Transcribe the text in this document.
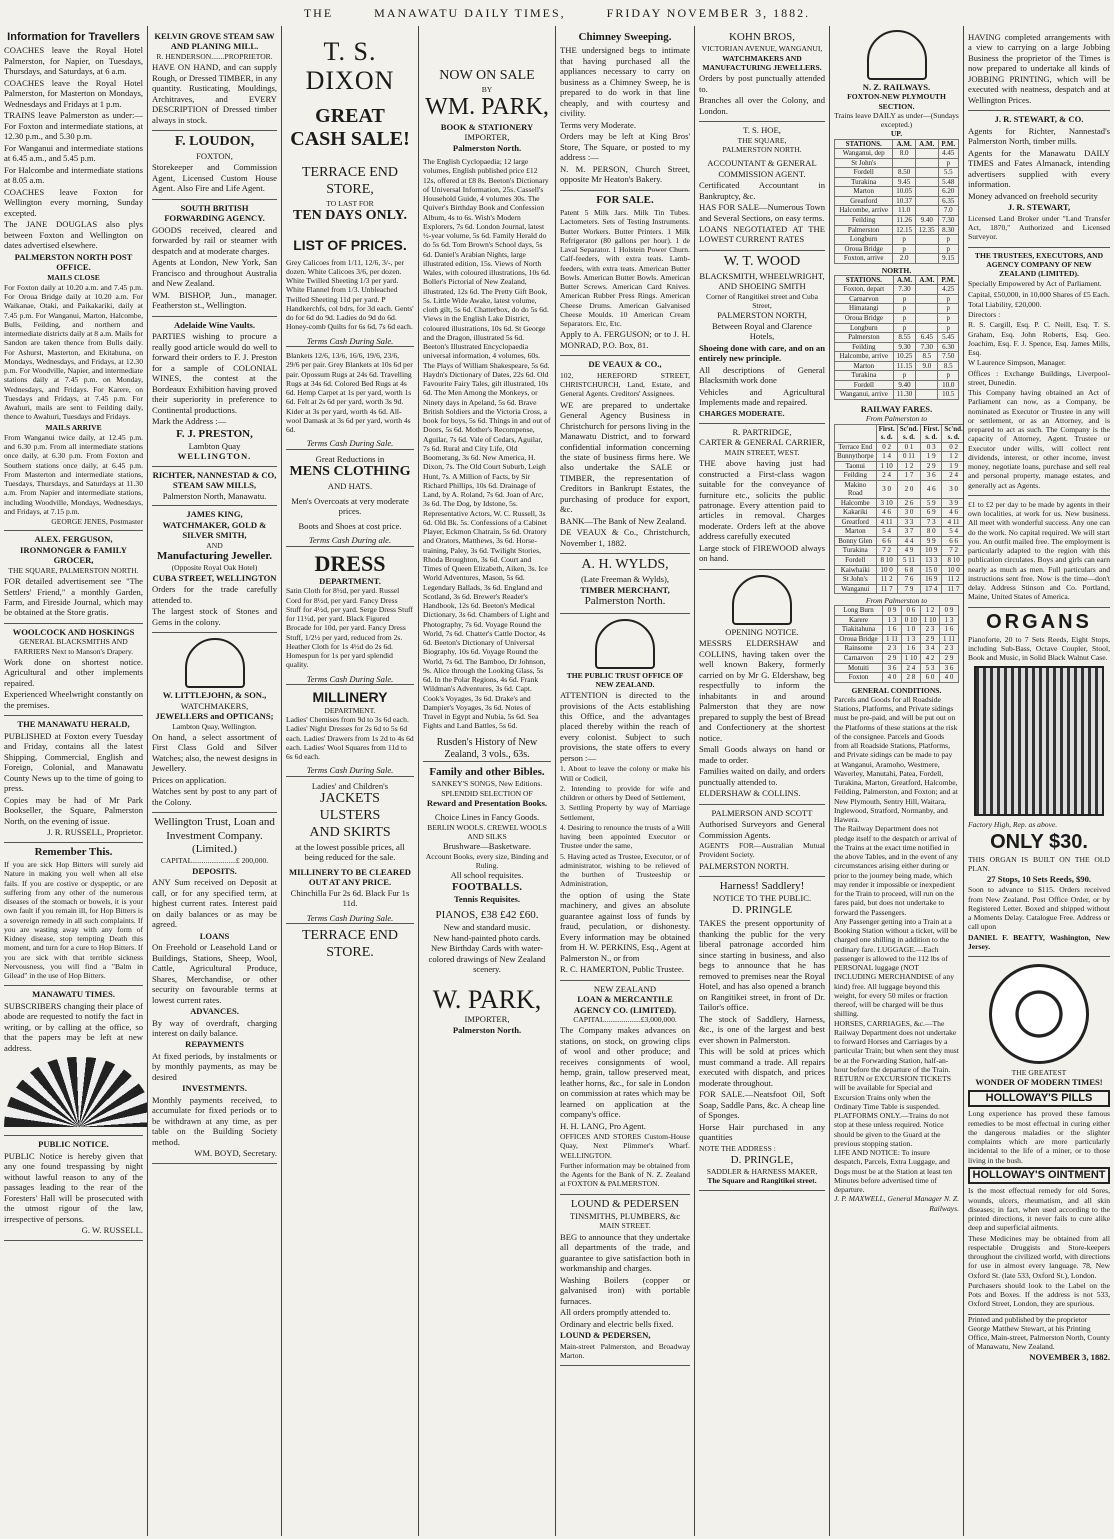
THE	MANAWATU DAILY TIMES,	FRIDAY NOVEMBER 3, 1882.
Information for Travellers

COACHES leave the Royal Hotel Palmerston, for Napier, on Tuesdays, Thursdays, and Saturdays, at 6 a.m.

COACHES leave the Royal Hotel Palmerston, for Masterton on Mondays, Wednesdays and Fridays at 1 p.m.

TRAINS leave Palmerston as under:— For Foxton and intermediate stations, at 12.30 p.m., and 5.30 p.m.

For Wanganui and intermediate stations at 6.45 a.m., and 5.45 p.m.

For Halcombe and intermediate stations at 8.05 a.m.

COACHES leave Foxton for Wellington every morning, Sunday excepted.

The JANE DOUGLAS also plys between Foxton and Wellington on dates advertised elsewhere.

PALMERSTON NORTH POST OFFICE.
MAILS CLOSE

For Foxton daily at 10.20 a.m. and 7.45 p.m. For Oroua Bridge daily at 10.20 a.m. For Waikanae, Otaki, and Paikakariki, daily at 7.45 p.m. For Wanganui, Marton, Halcombe, Bulls, Feilding, and northern and intermediate districts daily at 8 a.m. Mails for Sandon are taken thence from Bulls daily. For Ashurst, Masterton, and Ekitahuna, on Mondays, Wednesdays, and Fridays, at 12.30 p.m. For Woodville, Napier, and intermediate stations daily at 7.45 p.m. on Monday, Wednesdays, and Fridays. For Karere, on Tuesdays and Fridays, at 7.45 p.m. For Awahuri, mails are sent to Feilding daily, thence to Awahuri, Tuesdays and Fridays.

MAILS ARRIVE

From Wanganui twice daily, at 12.45 p.m. and 6.30 p.m. From all intermediate stations once daily, at 6.30 p.m. From Foxton and Southern stations once daily, at 6.45 p.m. From Masterton and intermediate stations, Tuesdays, Thursdays, and Saturdays at 11.30 a.m. From Napier and intermediate stations, including Woodville, Mondays, Wednesdays, and Fridays, at 7.15 p.m.

GEORGE JENES, Postmaster
ALEX. FERGUSON,
IRONMONGER & FAMILY GROCER,
THE SQUARE, PALMERSTON NORTH.

FOR detailed advertisement see "The Settlers' Friend," a monthly Garden, Farm, and Fireside Journal, which may be obtained at the Store gratis.

WOOLCOCK AND HOSKINGS
GENERAL BLACKSMITHS AND FARRIERS Next to Manson's Drapery.

Work done on shortest notice. Agricultural and other implements repaired.

Experienced Wheelwright constantly on the premises.

THE MANAWATU HERALD,

PUBLISHED at Foxton every Tuesday and Friday, contains all the latest Shipping, Commercial, English and Foreign, Colonial, and Manawatu County News up to the time of going to press.

Copies may be had of Mr Park Bookseller, the Square, Palmerston North, on the evening of issue.

J. R. RUSSELL, Proprietor.
Remember This.

If you are sick Hop Bitters will surely aid Nature in making you well when all else fails. If you are costive or dyspeptic, or are suffering from any other of the numerous diseases of the stomach or bowels, it is your own fault if you remain ill, for Hop Bitters is a sovereign remedy in all such complaints. If you are wasting away with any form of Kidney disease, stop tempting Death this moment, and turn for a cure to Hop Bitters. If you are sick with that terrible sickness Nervousness, you will find a "Balm in Gilead" in the use of Hop Bitters.

MANAWATU TIMES.

SUBSCRIBERS changing their place of abode are requested to notify the fact in writing, or by calling at the office, so that the papers may be left at new address.

PUBLIC NOTICE.

PUBLIC Notice is hereby given that any one found trespassing by night without lawful reason to any of the passages leading to the rear of the Foresters' Hall will be prosecuted with the utmost rigour of the law, irrespective of persons.

G. W. RUSSELL.
KELVIN GROVE STEAM SAW AND PLANING MILL.
R. HENDERSON.......PROPRIETOR.

HAVE ON HAND, and can supply Rough, or Dressed TIMBER, in any quantity. Rusticating, Mouldings, Architraves, and EVERY DESCRIPTION of Dressed timber always in stock.

F. LOUDON,
FOXTON,

Storekeeper and Commission Agent, Licensed Custom House Agent. Also Fire and Life Agent.

SOUTH BRITISH FORWARDING AGENCY.

GOODS received, cleared and forwarded by rail or steamer with despatch and at moderate charges.

Agents at London, New York, San Francisco and throughout Australia and New Zealand.

WM. BISHOP, Jun., manager. Featherston st., Wellington.

Adelaide Wine Vaults.

PARTIES wishing to procure a really good article would do well to forward their orders to F. J. Preston for a sample of COLONIAL WINES, the contest at the Bordeaux Exhibition having proved their superiority in preference to Continental productions.

Mark the Address :—

F. J. PRESTON,
Lambton Quay
WELLINGTON.
RICHTER, NANNESTAD & CO,
STEAM SAW MILLS,
Palmerston North, Manawatu.
JAMES KING, WATCHMAKER, GOLD & SILVER SMITH,
AND
Manufacturing Jeweller.
(Opposite Royal Oak Hotel)
CUBA STREET, WELLINGTON

Orders for the trade carefully attended to.

The largest stock of Stones and Gems in the colony.

W. LITTLEJOHN, & SON.,
WATCHMAKERS,
JEWELLERS and OPTICANS;
Lambton Quay, Wellington.

On hand, a select assortment of First Class Gold and Silver Watches; also, the newest designs in Jewellery.

Prices on application.

Watches sent by post to any part of the Colony.

Wellington Trust, Loan and Investment Company.
(Limited.)
CAPITAL.......................£ 200,000.
DEPOSITS.

ANY Sum received on Deposit at call, or for any specified term, at highest current rates. Interest paid on daily balances or as may be agreed.

LOANS

On Freehold or Leasehold Land or Buildings, Stations, Sheep, Wool, Cattle, Agricultural Produce, Shares, Merchandise, or other security on favourable terms at lowest current rates.

ADVANCES.

By way of overdraft, charging interest on daily balance.

REPAYMENTS

At fixed periods, by instalments or by monthly payments, as may be desired

INVESTMENTS.

Monthly payments received, to accumulate for fixed periods or to be withdrawn at any time, as per table on the Building Society method.

WM. BOYD, Secretary.
T. S. DIXON
GREAT CASH SALE!
TERRACE END STORE,
TO LAST FOR
TEN DAYS ONLY.
LIST OF PRICES.

Grey Calicoes from 1/11, 12/6, 3/-, per dozen. White Calicoes 3/6, per dozen. White Twilled Sheeting 1/3 per yard. White Flannel from 1/3. Unbleached Twilled Sheeting 11d per yard. P Handkerchfs, col bdrs, for 3d each. Gents' do for 6d do 9d. Ladies do 9d do 6d. Honey-comb Quilts for 6s 6d, 7s 6d each.

Terms Cash During Sale.

Blankets 12/6, 13/6, 16/6, 19/6, 23/6, 29/6 per pair. Grey Blankets at 10s 6d per pair. Opossum Rugs at 24s 6d. Travelling Rugs at 34s 6d. Colored Bed Rugs at 4s 6d. Hemp Carpet at 1s per yard, worth 1s 6d. Felt at 2s 6d per yard, worth 3s 9d. Kider at 3s per yard, worth 4s 6d. All-wool Damask at 3s 6d per yard, worth 4s 6d.

Terms Cash During Sale.
Great Reductions in
MENS CLOTHING
AND HATS.

Men's Overcoats at very moderate prices.

Boots and Shoes at cost price.

Terms Cash During ale.
DRESS
DEPARTMENT.

Satin Cloth for 8½d, per yard. Russel Cord for 8½d, per yard. Fancy Dress Stuff for 4½d, per yard. Serge Dress Stuff for 11½d, per yard. Black Figured Brocade for 10d, per yard. Fancy Dress Stuff, 1/2½ per yard, reduced from 2s. Heather Cloth for 1s 4½d do 2s 6d. Homespun for 1s per yard splendid quality.

Terms Cash During Sale.
MILLINERY
DEPARTMENT.

Ladies' Chemises from 9d to 3s 6d each. Ladies' Night Dresses for 2s 6d to 5s 6d each. Ladies' Drawers from 1s 2d to 4s 6d each. Ladies' Wool Squares from 11d to 6s 6d each.

Terms Cash During Sale.
Ladies' and Children's
JACKETS
ULSTERS
AND SKIRTS

at the lowest possible prices, all being reduced for the sale.

MILLINERY TO BE CLEARED OUT AT ANY PRICE.

Chinchilla Fur 2s 6d. Black Fur 1s 11d.

Terms Cash During Sale.
TERRACE END STORE.
NOW ON SALE
BY
WM. PARK,
BOOK & STATIONERY
IMPORTER,
Palmerston North.

The English Cyclopaedia; 12 large volumes, English published price £12 12s, offered at £8 8s. Beeton's Dictionary of Universal Information, 25s. Cassell's Household Guide, 4 volumes 30s. The Quiver's Birthday Book and Confession Album, 4s to 6s. Wish's Modern Explorers, 7s 6d. London Journal, latest ½-year volume, 5s 6d. Family Herald do do 5s 6d. Tom Brown's School days, 5s 6d. Daniel's Arabian Nights, large illustrated edition, 15s. Views of North Wales, with coloured illustrations, 10s 6d. Boller's Pictorial of New Zealand, illustrated, 12s 6d. The Pretty Gift Book, 5s. Little Wide Awake, latest volume, cloth gilt, 5s 6d. Chatterbox, do do 5s 6d. Views in the English Lake District, coloured illustrations, 10s 6d. St George and the Dragon, illustrated 5s 6d. Beeton's Illustrated Encyclopaedia universal information, 4 volumes, 60s. The Plays of William Shakespeare, 5s 6d. Haydn's Dictionary of Dates, 22s 6d. Old Favourite Fairy Tales, gilt illustrated, 10s 6d. The Men Among the Monkeys, or Ninety days in Apeland, 5s 6d. Brave British Soldiers and the Victoria Cross, a book for boys, 5s 6d. Things in and out of Doors, 5s 6d. Mother's Recompense, Aguilar, 7s 6d. Vale of Cedars, Aguilar, 7s 6d. Rural and City Life, Old Boomerang, 3s 6d. New America, H. Dixon, 7s. The Old Court Suburb, Leigh Hunt, 7s. A Million of Facts, by Sir Richard Phillips, 10s 6d. Drainage of Land, by A. Roland, 7s 6d. Joan of Arc, 3s 6d. The Dog, by Idstone, 5s. Representative Actors, W. C. Russell, 3s 6d. Old Bk. 5s. Confessions of a Cabinet Player, Eckmon Chatrain, 5s 6d. Oratory and Orators, Matthews, 3s 6d. Horse-training, Paley, 3s 6d. Twilight Stories, Rhoda Broughton, 3s 6d. Court and Times of Queen Elizabeth, Aiken, 3s. Ice World Adventures, Mason, 5s 6d. Legendary Ballads, 3s 6d. England and Scotland, 3s 6d. Brewer's Reader's Handbook, 12s 6d. Beeton's Medical Dictionary, 3s 6d. Chambers of Light and Photography, 7s 6d. Voyage Round the World, 7s 6d. Chatter's Cattle Doctor, 4s 6d. Beeton's Dictionary of Universal Biography, 10s 6d. Voyage Round the World, 7s 6d. The Bamboo, Dr Johnson, 9s. Alice through the Looking Glass, 5s 6d. In the Polar Regions, 4s 6d. Frank Wildman's Adventures, 3s 6d. Capt. Cook's Voyages, 3s 6d. Drake's and Dampier's Voyages, 3s 6d. Notes of Travel in Egypt and Nubia, 5s 6d. Sea Fights and Land Battles, 5s 6d.

Rusden's History of New Zealand, 3 vols., 63s.

Family and other Bibles.

SANKEY'S SONGS, New Editions.

SPLENDID SELECTION OF

Reward and Presentation Books.

Choice Lines in Fancy Goods.

BERLIN WOOLS. CREWEL WOOLS AND SILKS

Brushware—Basketware.

Account Books, every size, Binding and Ruling.

All school requisites.

FOOTBALLS.
Tennis Requisites.
PIANOS, £38 £42 £60.

New and standard music.

New hand-painted photo cards.

New Birthday Cards with water-colored drawings of New Zealand scenery.

W. PARK,
IMPORTER,
Palmerston North.
Chimney Sweeping.

THE undersigned begs to intimate that having purchased all the appliances necessary to carry on business as a Chimney Sweep, he is prepared to do work in that line cheaply, and with courtesy and civility.

Terms very Moderate.

Orders may be left at King Bros' Store, The Square, or posted to my address :—

N. M. PERSON, Church Street, opposite Mr Heaton's Bakery.

FOR SALE.

Patent 5 Milk Jars. Milk Tin Tubes. Lactometers. Sets of Testing Instruments. Butter Workers. Butter Printers. 1 Milk Refrigerator (80 gallons per hour). 1 de Laval Separator. 1 Holstein Power Churn. Calf-feeders, with extra teats. Lamb-feeders, with extra teats. American Butter Bowls. American Butter Bowls. American Butter Screws. American Card Knives. American Rubber Press Rings. American Cheese Drums. American Galvanised Cheese Moulds. 10 American Cream Separators. Etc, Etc.

Apply to A. FERGUSON; or to J. H. MONRAD, P.O. Box, 81.

DE VEAUX & CO.,

102, HEREFORD STREET, CHRISTCHURCH, Land, Estate, and General Agents. Creditors' Assignees.

WE are prepared to undertake General Agency Business in Christchurch for persons living in the Manawatu District, and to forward confidential information concerning the state of business firms here. We also undertake the SALE or TIMBER, the representation of Creditors in Bankrupt Estates, the purchasing of produce for export, &c.

BANK—The Bank of New Zealand.

DE VEAUX & Co., Christchurch, November 1, 1882.

A. H. WYLDS,
(Late Freeman & Wylds),
TIMBER MERCHANT,
Palmerston North.
THE PUBLIC TRUST OFFICE OF NEW ZEALAND.

ATTENTION is directed to the provisions of the Acts establishing this Office, and the advantages placed thereby within the reach of every colonist. Subject to such provisions, the state offers to every person :—

1. About to leave the colony or make his Will or Codicil,

2. Intending to provide for wife and children or others by Deed of Settlement,

3. Settling Property by way of Marriage Settlement,

4. Desiring to renounce the trusts of a Will having been appointed Executor or Trustee under the same,

5. Having acted as Trustee, Executor, or of administrator, wishing to be relieved of the burthen of Trusteeship or Administration,

the option of using the State machinery, and gives an absolute guarantee against loss of funds by fraud, peculation, or dishonesty. Every information may be obtained from H. W. PERKINS, Esq., Agent at Palmerston N., or from

R. C. HAMERTON, Public Trustee.

NEW ZEALAND
LOAN & MERCANTILE AGENCY CO. (LIMITED).
CAPITAL...................£3,000,000.

The Company makes advances on stations, on stock, on growing clips of wool and other produce; and receives consignments of wool, hemp, grain, tallow preserved meat, leather horns, &c., for sale in London on commission at rates which may be learned on application at the company's office.

H. H. LANG, Pro Agent.

OFFICES AND STORES Custom-House Quay, Next Plimmer's Wharf. WELLINGTON.

Further information may be obtained from the Agents for the Bank of N. Z. Zealand at FOXTON & PALMERSTON.

LOUND & PEDERSEN
TINSMITHS, PLUMBERS, &c
MAIN STREET.

BEG to announce that they undertake all departments of the trade, and guarantee to give satisfaction both in workmanship and charges.

Washing Boilers (copper or galvanised iron) with portable furnaces.

All orders promptly attended to.

Ordinary and electric bells fixed.

LOUND & PEDERSEN,

Main-street Palmerston, and Broadway Marton.

KOHN BROS,
VICTORIAN AVENUE, WANGANUI,
WATCHMAKERS AND MANUFACTURING JEWELLERS.

Orders by post punctually attended to.

Branches all over the Colony, and London.

T. S. HOE,
THE SQUARE,
PALMERSTON NORTH.
ACCOUNTANT & GENERAL COMMISSION AGENT.

Certificated Accountant in Bankruptcy, &c.

HAS FOR SALE—Numerous Town and Several Sections, on easy terms.

LOANS NEGOTIATED AT THE LOWEST CURRENT RATES

W. T. WOOD
BLACKSMITH, WHEELWRIGHT, AND SHOEING SMITH
Corner of Rangitikei street and Cuba Street,
PALMERSTON NORTH,
Between Royal and Clarence Hotels,

Shoeing done with care, and on an entirely new principle.

All descriptions of General Blacksmith work done

Vehicles and Agricultural Implements made and repaired.

CHARGES MODERATE.

R. PARTRIDGE,
CARTER & GENERAL CARRIER,
MAIN STREET, WEST.

THE above having just had constructed a First-class wagon suitable for the conveyance of furniture etc., solicits the public patronage. Every attention paid to articles in removal. Charges moderate. Orders left at the above address carefully executed

Large stock of FIREWOOD always on hand.

OPENING NOTICE.

MESSRS ELDERSHAW and COLLINS, having taken over the well known Bakery, formerly carried on by Mr G. Eldershaw, beg respectfully to inform the inhabitants in and around Palmerston that they are now prepared to supply the best of Bread and Confectionery at the shortest notice.

Small Goods always on hand or made to order.

Families waited on daily, and orders punctually attended to.

ELDERSHAW & COLLINS.

PALMERSON AND SCOTT

Authorised Surveyors and General Commission Agents.

AGENTS FOR—Australian Mutual Provident Society.

PALMERSTON NORTH.

Harness! Saddlery!
NOTICE TO THE PUBLIC.
D. PRINGLE

TAKES the present opportunity of thanking the public for the very liberal patronage accorded him since starting in business, and also begs to announce that he has removed to premises near the Royal Hotel, and has also opened a branch on Rangitikei street, in front of Dr. Tailor's office.

The stock of Saddlery, Harness, &c., is one of the largest and best ever shown in Palmerston.

This will be sold at prices which must command a trade. All repairs executed with dispatch, and prices moderate throughout.

FOR SALE.—Neatsfoot Oil, Soft Soap, Saddle Pans, &c. A cheap line of Sponges.

Horse Hair purchased in any quantities

NOTE THE ADDRESS :

D. PRINGLE,
SADDLER & HARNESS MAKER,
The Square and Rangitikei street.
N. Z. RAILWAYS.
FOXTON-NEW PLYMOUTH SECTION.

Trains leave DAILY as under—(Sundays excepted.)

UP.
STATIONS.	A.M.	A.M.	P.M.
Wanganui, dep	8.0		4.45
St John's			p
Fordell	8.50		5.5
Turakina	9.45		5.48
Marton	10.05		6.20
Greatford	10.37		6.35
Halcombe, arrive	11.0		7.0
Feilding	11.26	9.40	7.30
Palmerston	12.15	12.35	8.30
Longburn	p		p
Oroua Bridge	p		p
Foxton, arrive	2.0		9.15
NORTH.
STATIONS.	A.M.	A.M.	P.M.
Foxton, depart	7.30		4.25
Carnarvon	p		p
Himatangi	p		p
Oroua Bridge	p		p
Longburn	p		p
Palmerston	8.55	6.45	5.45
Feilding	9.30	7.30	6.30
Halcombe, arrive	10.25	8.5	7.50
Marton	11.15	9.0	8.5
Turakina	p		p
Fordell	9.40		10.0
Wanganui, arrive	11.30		10.5
RAILWAY FARES.
From Palmerston to
	First. s. d.	Sc'nd. s. d.	First. s. d.	Sc'nd. s. d.
Terrace End	0 2	0 1	0 3	0 2
Bunnythorpe	1 4	0 11	1 9	1 2
Taonui	1 10	1 2	2 9	1 9
Feilding	2 4	1 7	3 6	2 4
Makino Road	3 0	2 0	4 6	3 0
Halcombe	3 10	2 6	5 9	3 9
Kakariki	4 6	3 0	6 9	4 6
Greatford	4 11	3 3	7 3	4 11
Marton	5 4	3 7	8 0	5 4
Bonny Glen	6 6	4 4	9 9	6 6
Turakina	7 2	4 9	10 9	7 2
Fordell	8 10	5 11	13 3	8 10
Kaiwhaiki	10 0	6 8	15 0	10 0
St John's	11 2	7 6	16 9	11 2
Wanganui	11 7	7 9	17 4	11 7
From Palmerston to
Long Burn	0 9	0 6	1 2	0 9
Karere	1 3	0 10	1 10	1 3
Tiakitahuna	1 6	1 0	2 3	1 6
Oroua Bridge	1 11	1 3	2 9	1 11
Rainsome	2 3	1 6	3 4	2 3
Carnarvon	2 9	1 10	4 2	2 9
Motuiti	3 6	2 4	5 3	3 6
Foxton	4 0	2 8	6 0	4 0
GENERAL CONDITIONS.

Parcels and Goods for all Roadside Stations, Platforms, and Private sidings must be pre-paid, and will be put out on the Platforms of these stations at the risk of the consignee. Parcels and Goods from all Roadside Stations, Platforms, and Private sidings can be made to pay at Wanganui, Aramoho, Westmere, Waverley, Manutahi, Patea, Fordell, Turakina, Marton, Greatford, Halcombe, Feilding, Palmerston, and Foxton; and at New Plymouth, Sentry Hill, Waitara, Inglewood, Stratford, Normanby, and Hawera.

The Railway Department does not pledge itself to the despatch or arrival of the Trains at the exact time notified in the above Tables, and in the event of any circumstances arising either during or prior to the journey being made, which may render it impossible or inexpedient for the Train to proceed, will run on the fares paid, but does not undertake to forward the Passengers.

Any Passenger getting into a Train at a Booking Station without a ticket, will be charged one shilling in addition to the ordinary fare. LUGGAGE.—Each passenger is allowed to the 112 lbs of PERSONAL luggage (NOT INCLUDING MERCHANDISE of any kind) free. All luggage beyond this weight, for every 50 miles or fraction thereof, will be charged will be thus shilling.

HORSES, CARRIAGES, &c.—The Railway Department does not undertake to forward Horses and Carriages by a particular Train; but when sent they must be at the Forwarding Station, half-an-hour before the departure of the Train.

RETURN or EXCURSION TICKETS will be available for Special and Excursion Trains only when the Ordinary Time Table is suspended.

PLATFORMS ONLY.—Trains do not stop at these unless required. Notice should be given to the Guard at the previous stopping station.

LIFE AND NOTICE: To insure despatch, Parcels, Extra Luggage, and Dogs must be at the Station at least ten Minutes before advertised time of departure.

J. P. MAXWELL, General Manager N. Z. Railways.

HAVING completed arrangements with a view to carrying on a large Jobbing Business the proprietor of the Times is now prepared to undertake all kinds of JOBBING PRINTING, which will be executed with neatness, despatch and at Wellington Prices.

J. R. STEWART, & CO.

Agents for Richter, Nannestad's Palmerston North, timber mills.

Agents for the Manawatu DAILY TIMES and Fates Almanack, intending advertisers supplied with every information.

Money advanced on freehold security

J. R. STEWART,

Licensed Land Broker under "Land Transfer Act, 1870," Authorized and Licensed Surveyor.

THE TRUSTEES, EXECUTORS, AND AGENCY COMPANY OF NEW ZEALAND (LIMITED).

Specially Empowered by Act of Parliament.

Capital, £50,000, in 10,000 Shares of £5 Each.

Total Liability, £20,000.

Directors :

R. S. Cargill, Esq. P. C. Neill, Esq. T. S. Graham, Esq. John Roberts, Esq. Geo. Joachim, Esq. F. J. Spence, Esq. James Mills, Esq.

W Laurence Simpson, Manager.

Offices : Exchange Buildings, Liverpool-street, Dunedin.

This Company having obtained an Act of Parliament can now, as a Company, be nominated as Executor or Trustee in any will or settlement, or as an Attorney, and is prepared to act as such. The Company is the capacity of Attorney, Agent. Trustee or Executor under wills, will collect rent dividends, interest, or other income, invest money, negotiate loans, purchase and sell real and personal property, manage estates, and generally act as Agents.

£1 to £2 per day to be made by agents in their own localities, at work for us. New business. All meet with wonderful success. Any one can do the work. No capital required. We will start you. An outfit mailed free. The employment is particularly adapted to the region with this publication circulates. Boys and girls can earn nearly as much as men. Full particulars and instructions sent free. Now is the time—don't delay. Address Stinson and Co. Portland, Maine, United States of America.

ORGANS

Pianoforte, 20 to 7 Sets Reeds, Eight Stops, including Sub-Bass, Octave Coupler, Stool, Book and Music, in Solid Black Walnut Case.

Factory High, Rep. as above.

ONLY $30.

THIS ORGAN IS BUILT ON THE OLD PLAN.

27 Stops, 10 Sets Reeds, $90.

Soon to advance to $115. Orders received from New Zealand. Post Office Order, or by Registered Letter. Boxed and shipped without a Moments Delay. Catalogue Free. Address or call upon

DANIEL F. BEATTY, Washington, New Jersey.

THE GREATEST
WONDER OF MODERN TIMES!
HOLLOWAY'S PILLS

Long experience has proved these famous remedies to be most effectual in curing either the dangerous maladies or the slighter complaints which are more particularly incidental to the life of a miner, or to those living in the bush.

HOLLOWAY'S OINTMENT

Is the most effectual remedy for old Sores, wounds, ulcers, rheumatism, and all skin diseases; in fact, when used according to the printed directions, it never fails to cure alike deep and superficial ailments.

These Medicines may be obtained from all respectable Druggists and Store-keepers throughout the civilized world, with directions for use in almost every language. 78, New Oxford St. (late 533, Oxford St.), London.

Purchasers should look to the Label on the Pots and Boxes. If the address is not 533, Oxford Street, London, they are spurious.

Printed and published by the proprietor George Matthew Stewart, at his Printing Office, Main-street, Palmerston North, County of Manawatu, New Zealand.

NOVEMBER 3, 1882.
